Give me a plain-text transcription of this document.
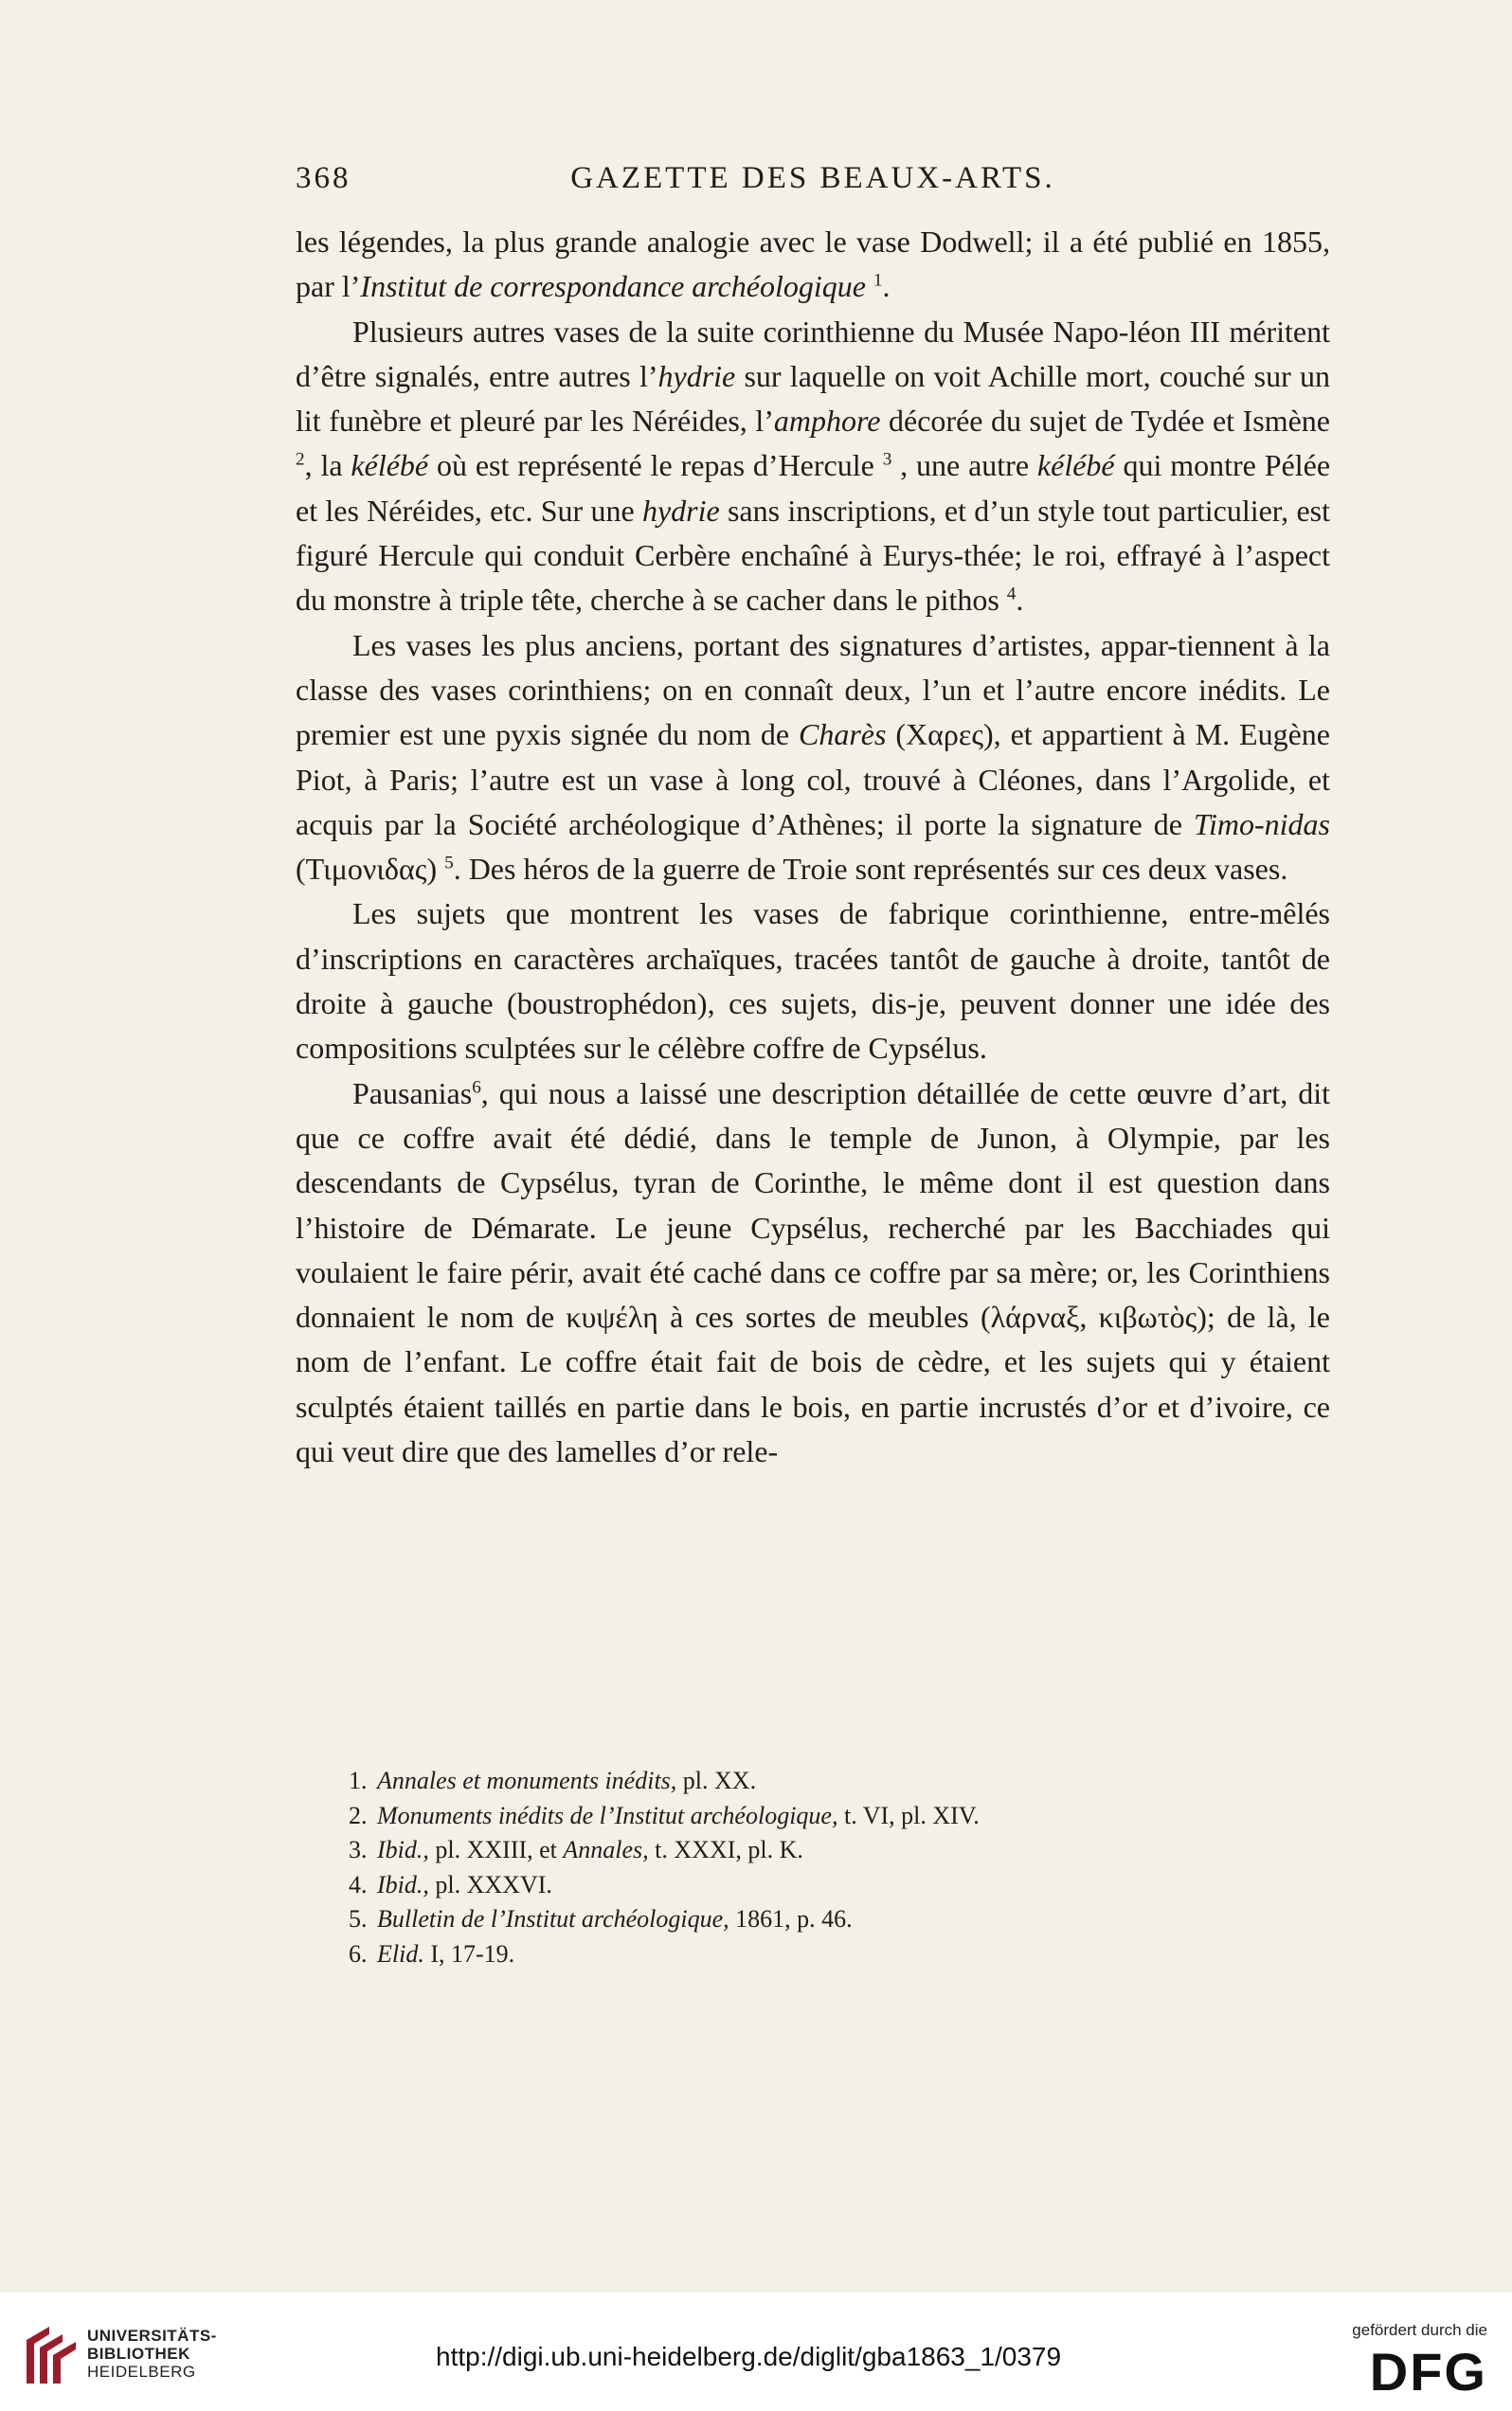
368	GAZETTE DES BEAUX-ARTS.

les légendes, la plus grande analogie avec le vase Dodwell; il a été publié en 1855, par l’Institut de correspondance archéologique $^1$.

Plusieurs autres vases de la suite corinthienne du Musée Napo-léon III méritent d’être signalés, entre autres l’hydrie sur laquelle on voit Achille mort, couché sur un lit funèbre et pleuré par les Néréides, l’amphore décorée du sujet de Tydée et Ismène $^2$, la kélébé où est représenté le repas d’Hercule $^3$ , une autre kélébé qui montre Pélée et les Néréides, etc. Sur une hydrie sans inscriptions, et d’un style tout particulier, est figuré Hercule qui conduit Cerbère enchaîné à Eurys-thée; le roi, effrayé à l’aspect du monstre à triple tête, cherche à se cacher dans le pithos $^4$.

Les vases les plus anciens, portant des signatures d’artistes, appar-tiennent à la classe des vases corinthiens; on en connaît deux, l’un et l’autre encore inédits. Le premier est une pyxis signée du nom de Charès (Χαρες), et appartient à M. Eugène Piot, à Paris; l’autre est un vase à long col, trouvé à Cléones, dans l’Argolide, et acquis par la Société archéologique d’Athènes; il porte la signature de Timo-nidas (Τιμονιδας) $^5$. Des héros de la guerre de Troie sont représentés sur ces deux vases.

Les sujets que montrent les vases de fabrique corinthienne, entre-mêlés d’inscriptions en caractères archaïques, tracées tantôt de gauche à droite, tantôt de droite à gauche (boustrophédon), ces sujets, dis-je, peuvent donner une idée des compositions sculptées sur le célèbre coffre de Cypsélus.

Pausanias$^6$, qui nous a laissé une description détaillée de cette œuvre d’art, dit que ce coffre avait été dédié, dans le temple de Junon, à Olympie, par les descendants de Cypsélus, tyran de Corinthe, le même dont il est question dans l’histoire de Démarate. Le jeune Cypsélus, recherché par les Bacchiades qui voulaient le faire périr, avait été caché dans ce coffre par sa mère; or, les Corinthiens donnaient le nom de κυψέλη à ces sortes de meubles (λάρναξ, κιβωτὸς); de là, le nom de l’enfant. Le coffre était fait de bois de cèdre, et les sujets qui y étaient sculptés étaient taillés en partie dans le bois, en partie incrustés d’or et d’ivoire, ce qui veut dire que des lamelles d’or rele-

1. Annales et monuments inédits, pl. XX.
2. Monuments inédits de l’Institut archéologique, t. VI, pl. XIV.
3. Ibid., pl. XXIII, et Annales, t. XXXI, pl. K.
4. Ibid., pl. XXXVI.
5. Bulletin de l’Institut archéologique, 1861, p. 46.
6. Elid. I, 17-19.
UNIVERSITÄTS-
BIBLIOTHEK
HEIDELBERG
http://digi.ub.uni-heidelberg.de/diglit/gba1863_1/0379
gefördert durch die
DFG
